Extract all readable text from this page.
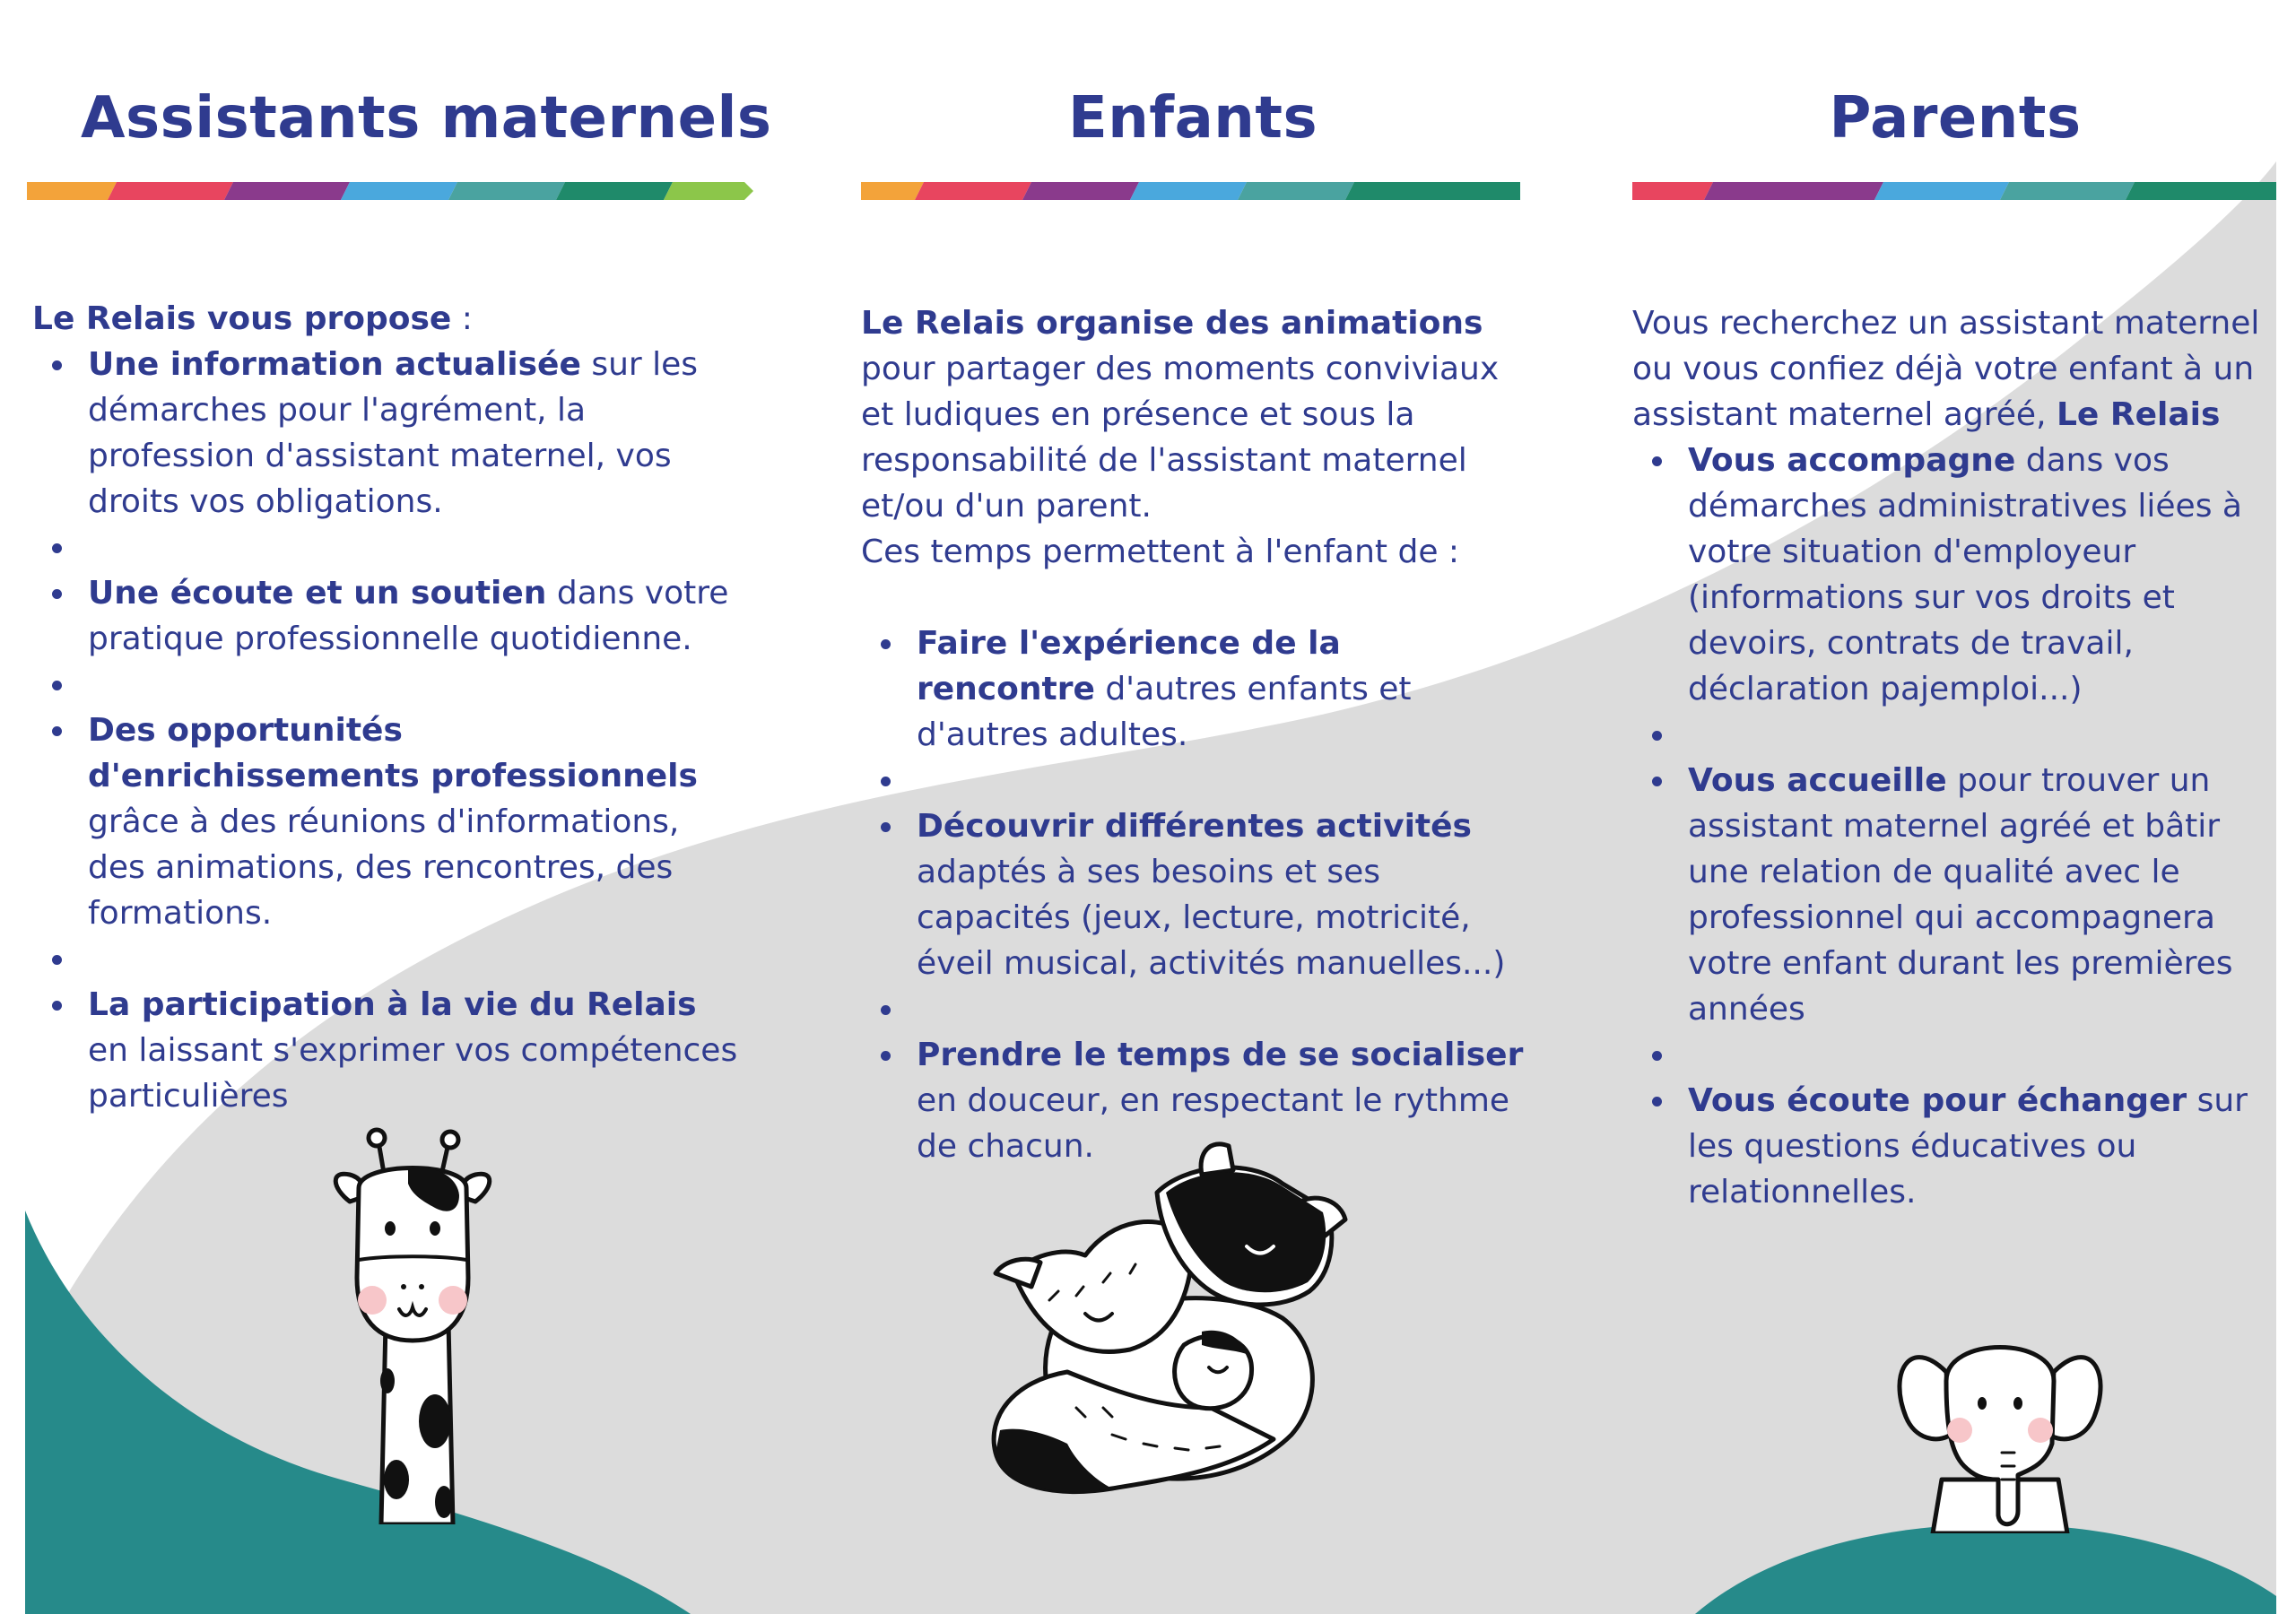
Assistants maternels

Le Relais vous propose :

Une information actualisée sur les démarches pour l'agrément, la profession d'assistant maternel, vos droits vos obligations.
Une écoute et un soutien dans votre pratique professionnelle quotidienne.
Des opportunités d'enrichissements professionnels grâce à des réunions d'informations, des animations, des rencontres, des formations.
La participation à la vie du Relais en laissant s'exprimer vos compétences particulières
Enfants

Le Relais organise des animations

pour partager des moments conviviaux et ludiques en présence et sous la responsabilité de l'assistant maternel et/ou d'un parent.

Ces temps permettent à l'enfant de :

Faire l'expérience de la rencontre d'autres enfants et d'autres adultes.
Découvrir différentes activités adaptés à ses besoins et ses capacités (jeux, lecture, motricité, éveil musical, activités manuelles...)
Prendre le temps de se socialiser en douceur, en respectant le rythme de chacun.
Parents

Vous recherchez un assistant maternel ou vous confiez déjà votre enfant à un assistant maternel agréé, Le Relais

Vous accompagne dans vos démarches administratives liées à votre situation d'employeur (informations sur vos droits et devoirs, contrats de travail, déclaration pajemploi...)
Vous accueille pour trouver un assistant maternel agréé et bâtir une relation de qualité avec le professionnel qui accompagnera votre enfant durant les premières années
Vous écoute pour échanger sur les questions éducatives ou relationnelles.
